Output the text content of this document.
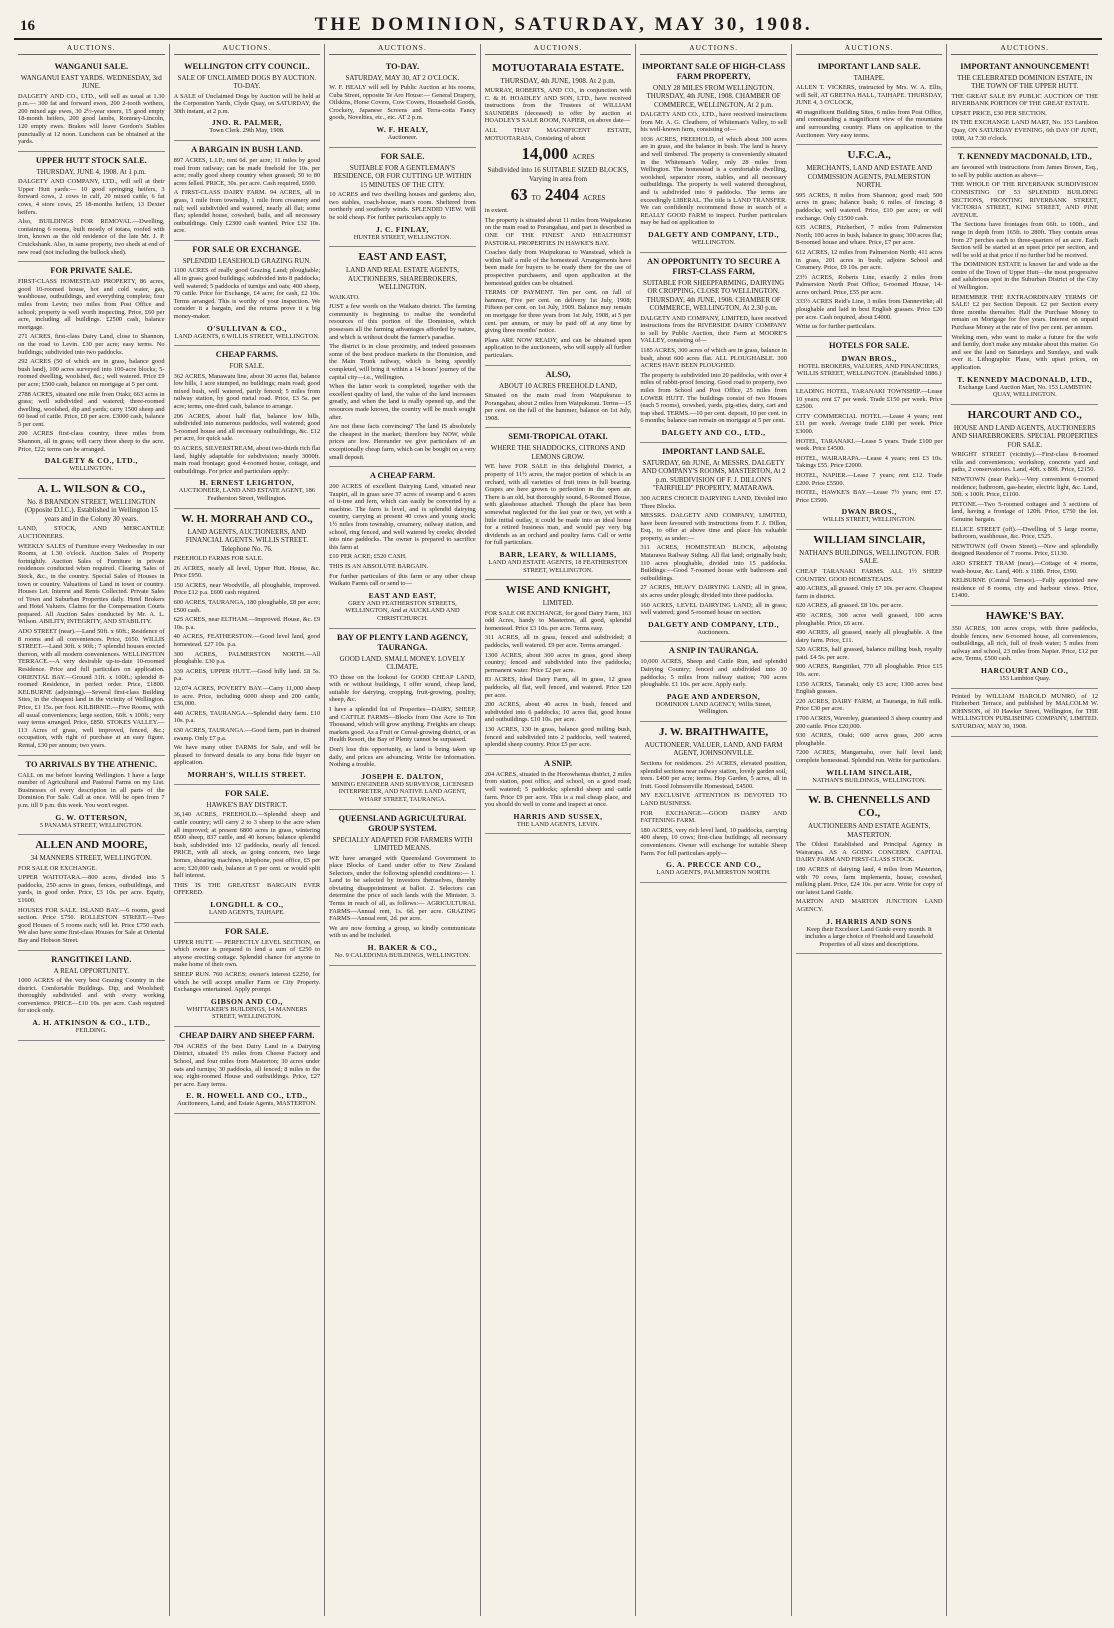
16	THE DOMINION, SATURDAY, MAY 30, 1908.

AUCTIONS.
WANGANUI SALE.
WANGANUI EAST YARDS. WEDNESDAY, 3rd JUNE.
DALGETY AND CO., LTD., will sell as usual at 1.30 p.m.— 300 fat and forward ewes, 200 2-tooth wethers, 200 mixed age ewes, 30 2½-year steers, 15 good empty 18-month heifers, 200 good lambs, Romney-Lincoln, 120 empty ewes. Brakes will leave Gordon's Stables punctually at 12 noon. Luncheon can be obtained at the yards.
UPPER HUTT STOCK SALE.
THURSDAY, JUNE 4, 1908. At 1 p.m.
DALGETY AND COMPANY, LTD., will sell at their Upper Hutt yards:— 10 good springing heifers, 3 forward cows, 2 cows in calf, 20 mixed cattle, 6 fat cows, 4 store cows, 25 18-months heifers, 13 Dexter heifers.
Also, BUILDINGS FOR REMOVAL.—Dwelling, containing 6 rooms, built mostly of totara, roofed with iron, known as the old residence of the late Mr. J. P. Cruickshank. Also, in same property, two sheds at end of new road (not including the bullock shed).
FOR PRIVATE SALE.
FIRST-CLASS HOMESTEAD PROPERTY, 86 acres, good 10-roomed house, hot and cold water, gas, washhouse, outbuildings, and everything complete; four miles from Levin; two miles from Post Office and school; property is well worth inspecting. Price, £60 per acre, including all buildings. £2500 cash, balance mortgage.
271 ACRES, first-class Dairy Land, close to Shannon, on the road to Levin. £30 per acre; easy terms. No buildings; subdivided into two paddocks.
292 ACRES (50 of which are in grass, balance good bush land), 100 acres surveyed into 100-acre blocks; 5-roomed dwelling, woolshed, &c.; well watered. Price £9 per acre; £500 cash, balance on mortgage at 5 per cent.
2788 ACRES, situated one mile from Otaki; 663 acres in grass; well subdivided and watered; three-roomed dwelling, woolshed, dip and yards; carry 1500 sheep and 60 head of cattle. Price, £8 per acre. £3000 cash, balance 5 per cent.
200 ACRES first-class country, three miles from Shannon, all in grass; will carry three sheep to the acre. Price, £22; terms can be arranged.
DALGETY & CO., LTD.,
WELLINGTON.
A. L. WILSON & CO.,
No. 8 BRANDON STREET, WELLINGTON (Opposite D.I.C.). Established in Wellington 15 years and in the Colony 30 years.
LAND, STOCK, AND MERCANTILE AUCTIONEERS.
WEEKLY SALES of Furniture every Wednesday in our Rooms, at 1.30 o'clock. Auction Sales of Property fortnightly. Auction Sales of Furniture in private residences conducted when required. Clearing Sales of Stock, &c., in the country. Special Sales of Houses in town or country. Valuations of Land in town or country. Houses Let. Interest and Rents Collected. Private Sales of Town and Suburban Properties daily. Hotel Brokers and Hotel Valuers. Claims for the Compensation Courts prepared. All Auction Sales conducted by Mr. A. L. Wilson. ABILITY, INTEGRITY, AND STABILITY.
ADO STREET (near).—Land 50ft. x 60ft.; Residence of 8 rooms and all conveniences. Price, £650. WILLIS STREET.—Land 30ft. x 90ft.; 7 splendid houses erected thereon, with all modern conveniences. WELLINGTON TERRACE.—A very desirable up-to-date 10-roomed Residence. Price and full particulars on application. ORIENTAL BAY.—Ground 31ft. x 100ft.; splendid 8-roomed Residence, in perfect order. Price, £1800. KELBURNE (adjoining).—Several first-class Building Sites, in the cheapest land in the vicinity of Wellington. Price, £1 15s. per foot. KILBIRNIE.—Five Rooms, with all usual conveniences; large section, 66ft. x 100ft.; very easy terms arranged. Price, £850. STOKES VALLEY.—113 Acres of grass, well improved, fenced, &c.; occupation, with right of purchase at an easy figure. Rental, £30 per annum; two years.
TO ARRIVALS BY THE ATHENIC.
CALL on me before leaving Wellington. I have a large number of Agricultural and Pastoral Farms on my List. Businesses of every description in all parts of the Dominion For Sale. Call at once. Will be open from 7 p.m. till 9 p.m. this week. You won't regret.
G. W. OTTERSON,
5 PANAMA STREET, WELLINGTON.
ALLEN AND MOORE,
34 MANNERS STREET, WELLINGTON.
FOR SALE OR EXCHANGE.
UPPER WAITOTARA.—800 acres, divided into 5 paddocks, 250 acres in grass, fences, outbuildings, and yards, in good order. Price, £3 10s. per acre. Equity, £1600.
HOUSES FOR SALE. ISLAND BAY.—6 rooms, good section. Price £750. ROLLESTON STREET.—Two good Houses of 5 rooms each; will let. Price £750 each. We also have some first-class Houses for Sale at Oriental Bay and Hobson Street.
RANGITIKEI LAND.
A REAL OPPORTUNITY.
1000 ACRES of the very best Grazing Country in the district. Comfortable Buildings. Dip, and Woolshed; thoroughly subdivided and with every working convenience. PRICE—£10 10s. per acre. Cash required for stock only.
A. H. ATKINSON & CO., LTD.,
FEILDING.
AUCTIONS.
WELLINGTON CITY COUNCIL.
SALE OF UNCLAIMED DOGS BY AUCTION. TO-DAY.
A SALE of Unclaimed Dogs by Auction will be held at the Corporation Yards, Clyde Quay, on SATURDAY, the 30th instant, at 2 p.m.
JNO. R. PALMER,
Town Clerk. 29th May, 1908.
A BARGAIN IN BUSH LAND.
897 ACRES, L.I.P.; rent 6d. per acre; 11 miles by good road from railway; can be made freehold for 10s. per acre; really good sheep country when grassed; 50 to 80 acres felled. PRICE, 30s. per acre. Cash required, £600.
A FIRST-CLASS DAIRY FARM. 94 ACRES, all in grass, 1 mile from township, 1 mile from creamery and rail; well subdivided and watered, nearly all flat; some flax; splendid house, cowshed, bails, and all necessary outbuildings. Only £2300 cash wanted. Price £32 10s. acre.
FOR SALE OR EXCHANGE.
SPLENDID LEASEHOLD GRAZING RUN.
1100 ACRES of really good Grazing Land; ploughable; all in grass; good buildings; subdivided into 8 paddocks; well watered; 5 paddocks of turnips and oats; 400 sheep, 70 cattle. Price for Exchange, £4 acre; for cash, £2 10s. Terms arranged. This is worthy of your inspection. We consider it a bargain, and the returns prove it a big money-maker.
O'SULLIVAN & CO.,
LAND AGENTS, 6 WILLIS STREET, WELLINGTON.
CHEAP FARMS.
FOR SALE.
362 ACRES, Manawatu line, about 30 acres flat, balance low hills, 1 acre stumped, no buildings; main road; good mixed bush, well watered, partly fenced; 5 miles from railway station, by good metal road. Price, £3 5s. per acre; terms, one-third cash, balance to arrange.
206 ACRES, about half flat, balance low hills, subdivided into numerous paddocks, well watered; good 5-roomed house and all necessary outbuildings, &c. £12 per acre, for quick sale.
93 ACRES, SILVERSTREAM, about two-thirds rich flat land, highly adaptable for subdivision; nearly 3000ft. main road frontage; good 4-roomed house, cottage, and outbuildings. For price and particulars apply:
H. ERNEST LEIGHTON,
AUCTIONEER, LAND AND ESTATE AGENT, 186 Featherston Street, Wellington.
W. H. MORRAH AND CO.,
LAND AGENTS, AUCTIONEERS, AND FINANCIAL AGENTS. WILLIS STREET. Telephone No. 76.
FREEHOLD FARMS FOR SALE.
26 ACRES, nearly all level, Upper Hutt. House, &c. Price £950.
150 ACRES, near Woodville, all ploughable, improved. Price £12 p.a. £600 cash required.
600 ACRES, TAURANGA, 180 ploughable, £8 per acre; £500 cash.
625 ACRES, near ELTHAM.—Improved. House, &c. £9 10s. p.a.
40 ACRES, FEATHERSTON.—Good level land, good homestead. £27 10s. p.a.
300 ACRES, PALMERSTON NORTH.—All ploughable. £30 p.a.
339 ACRES, UPPER HUTT.—Good hilly land. £8 5s. p.a.
12,074 ACRES, POVERTY BAY.—Carry 11,000 sheep to acre. Price, including 6000 sheep and 200 cattle, £36,000.
440 ACRES, TAURANGA.—Splendid dairy farm. £10 10s. p.a.
630 ACRES, TAURANGA.—Good farm, part in drained swamp. Only £7 p.a.
We have many other FARMS for Sale, and will be pleased to forward details to any bona fide buyer on application.
MORRAH'S, WILLIS STREET.
FOR SALE.
HAWKE'S BAY DISTRICT.
36,140 ACRES, FREEHOLD.—Splendid sheep and cattle country; will carry 2 to 3 sheep to the acre when all improved; at present 6800 acres in grass, wintering 8500 sheep, 837 cattle, and 40 horses; balance splendid bush, subdivided into 12 paddocks, nearly all fenced. PRICE, with all stock, as going concern, two large homes, shearing machines, telephone, post office, £5 per acre; £20,000 cash, balance at 5 per cent. or would split half interest.
THIS IS THE GREATEST BARGAIN EVER OFFERED.
LONGDILL & CO.,
LAND AGENTS, TAIHAPE.
FOR SALE.
UPPER HUTT. — PERFECTLY LEVEL SECTION, on which owner is prepared to lend a sum of £250 to anyone erecting cottage. Splendid chance for anyone to make home of their own.
SHEEP RUN. 760 ACRES; owner's interest £2250, for which he will accept smaller Farm or City Property. Exchanges entertained. Apply prompt.
GIBSON AND CO.,
WHITTAKER'S BUILDINGS, 14 MANNERS STREET, WELLINGTON.
CHEAP DAIRY AND SHEEP FARM.
704 ACRES of the best Dairy Land in a Dairying District, situated 1½ miles from Cheese Factory and School, and four miles from Masterton; 30 acres under oats and turnips; 30 paddocks, all fenced; 8 miles to the sea; eight-roomed House and outbuildings. Price, £27 per acre. Easy terms.
E. R. HOWELL AND CO., LTD.,
Auctioneers, Land, and Estate Agents, MASTERTON.
AUCTIONS.
TO-DAY.
SATURDAY, MAY 30, AT 2 O'CLOCK.
W. F. HEALY will sell by Public Auction at his rooms, Cuba Street, opposite Te Aro House:— General Drapery, Oilskins, Horse Covers, Cow Covers, Household Goods, Crockery, Japanese Screens and Terra-cotta Fancy goods, Novelties, etc., etc. AT 2 p.m.
W. F. HEALY,
Auctioneer.
FOR SALE.
SUITABLE FOR A GENTLEMAN'S RESIDENCE, OR FOR CUTTING UP. WITHIN 15 MINUTES OF THE CITY.
10 ACRES and two dwelling houses and gardens; also, two stables, coach-house, man's room. Sheltered from northerly and southerly winds. SPLENDID VIEW. Will be sold cheap. For further particulars apply to
J. C. FINLAY,
HUNTER STREET, WELLINGTON.
EAST AND EAST,
LAND AND REAL ESTATE AGENTS, AUCTIONEERS, SHAREBROKERS, WELLINGTON.
WAIKATO.
JUST a few words on the Waikato district. The farming community is beginning to realise the wonderful resources of this portion of the Dominion, which possesses all the farming advantages afforded by nature, and which is without doubt the farmer's paradise.
The district is in close proximity, and indeed possesses some of the best produce markets in the Dominion, and the Main Trunk railway, which is being speedily completed, will bring it within a 14 hours' journey of the capital city—i.e., Wellington.
When the latter work is completed, together with the excellent quality of land, the value of the land increases greatly, and when the land is really opened up, and the resources made known, the country will be much sought after.
Are not these facts convincing? The land IS absolutely the cheapest in the market; therefore buy NOW, while prices are low. Hereunder we give particulars of an exceptionally cheap farm, which can be bought on a very small deposit.
A CHEAP FARM.
200 ACRES of excellent Dairying Land, situated near Taupiri, all in grass save 37 acres of swamp and 6 acres of ti-tree and fern, which can easily be converted by a machine. The farm is level, and is splendid dairying country, carrying at present 40 cows and young stock; 1½ miles from township, creamery, railway station, and school, ring fenced, and well watered by creeks; divided into nine paddocks. The owner is prepared to sacrifice this farm at
£10 PER ACRE; £520 CASH.
THIS IS AN ABSOLUTE BARGAIN.
For further particulars of this farm or any other cheap Waikato Farms call or send to—
EAST AND EAST,
GREY AND FEATHERSTON STREETS, WELLINGTON, And at AUCKLAND AND CHRISTCHURCH.
BAY OF PLENTY LAND AGENCY, TAURANGA.
GOOD LAND. SMALL MONEY. LOVELY CLIMATE.
TO those on the lookout for GOOD CHEAP LAND, with or without buildings, I offer sound, cheap land, suitable for dairying, cropping, fruit-growing, poultry, sheep, &c.
I have a splendid list of Properties—DAIRY, SHEEP, and CATTLE FARMS—Blocks from One Acre to Ten Thousand, which will grow anything. Freights are cheap; markets good. As a Fruit or Cereal-growing district, or as Health Resort, the Bay of Plenty cannot be surpassed.
Don't lose this opportunity, as land is being taken up daily, and prices are advancing. Write for information. Nothing a trouble.
JOSEPH E. DALTON,
MINING ENGINEER AND SURVEYOR, LICENSED INTERPRETER, AND NATIVE LAND AGENT, WHARF STREET, TAURANGA.
QUEENSLAND AGRICULTURAL GROUP SYSTEM.
SPECIALLY ADAPTED FOR FARMERS WITH LIMITED MEANS.
WE have arranged with Queensland Government to place Blocks of Land under offer to New Zealand Selectors, under the following splendid conditions:— 1. Land to be selected by investors themselves, thereby obviating disappointment at ballot. 2. Selectors can determine the price of such lands with the Minister. 3. Terms in reach of all, as follows:— AGRICULTURAL FARMS—Annual rent, 1s. 6d. per acre. GRAZING FARMS—Annual rent, 2d. per acre.
We are now forming a group, so kindly communicate with us and be included.
H. BAKER & CO.,
No. 9 CALEDONIA BUILDINGS, WELLINGTON.
AUCTIONS.
MOTUOTARAIA ESTATE.
THURSDAY, 4th JUNE, 1908. At 2 p.m.
MURRAY, ROBERTS, AND CO., in conjunction with C. & H. HOADLEY AND SON, LTD., have received instructions from the Trustees of WILLIAM SAUNDERS (deceased) to offer by auction at HOADLEY'S SALE ROOM, NAPIER, on above date—
ALL THAT MAGNIFICENT ESTATE, MOTUOTARAIA, Consisting of about
14,000 ACRES
Subdivided into 16 SUITABLE SIZED BLOCKS, Varying in area from
63 TO 2404 ACRES
in extent.
The property is situated about 11 miles from Waipukurau on the main road to Porangahau, and part is described as ONE OF THE FINEST AND HEALTHIEST PASTORAL PROPERTIES IN HAWKE'S BAY.
Coaches daily from Waipukurau to Wanstead, which is within half a mile of the homestead. Arrangements have been made for buyers to be ready there for the use of prospective purchasers, and upon application at the homestead guides can be obtained.
TERMS OF PAYMENT. Ten per cent. on fall of hammer, Five per cent. on delivery 1st July, 1908; Fifteen per cent. on 1st July, 1909. Balance may remain on mortgage for three years from 1st July, 1908, at 5 per cent. per annum, or may be paid off at any time by giving three months' notice.
Plans ARE NOW READY, and can be obtained upon application to the auctioneers, who will supply all further particulars.
ALSO,
ABOUT 10 ACRES FREEHOLD LAND,
Situated on the main road from Waipukurau to Porangahau, about 2 miles from Waipukurau. Terms—15 per cent. on the fall of the hammer, balance on 1st July, 1908.
SEMI-TROPICAL OTAKI.
WHERE THE SHADDOCKS, CITRONS AND LEMONS GROW.
WE have FOR SALE in this delightful District, a property of 11½ acres, the major portion of which is an orchard, with all varieties of fruit trees in full bearing. Grapes are here grown to perfection in the open air. There is an old, but thoroughly sound, 6-Roomed House, with glasshouse attached. Though the place has been somewhat neglected for the last year or two, yet with a little initial outlay, it could be made into an ideal home for a retired business man, and would pay very big dividends as an orchard and poultry farm. Call or write for full particulars.
BARR, LEARY, & WILLIAMS,
LAND AND ESTATE AGENTS, 18 FEATHERSTON STREET, WELLINGTON.
WISE AND KNIGHT,
LIMITED.
FOR SALE OR EXCHANGE, for good Dairy Farm, 163 odd Acres, handy to Masterton, all good, splendid homestead. Price £3 10s. per acre. Terms easy.
311 ACRES, all in grass, fenced and subdivided; 8 paddocks, well watered. £9 per acre. Terms arranged.
1300 ACRES, about 300 acres in grass, good sheep country; fenced and subdivided into five paddocks; permanent water. Price £2 per acre.
83 ACRES, Ideal Dairy Farm, all in grass, 12 grass paddocks, all flat, well fenced, and watered. Price £20 per acre.
200 ACRES, about 40 acres in bush, fenced and subdivided into 6 paddocks; 10 acres flat, good house and outbuildings. £10 10s. per acre.
130 ACRES, 130 in grass, balance good milling bush, fenced and subdivided into 2 paddocks, well watered, splendid sheep country. Price £5 per acre.
A SNIP.
204 ACRES, situated in the Horowhenua district, 2 miles from station, post office, and school, on a good road; well watered; 5 paddocks; splendid sheep and cattle farm. Price £9 per acre. This is a real cheap place, and you should do well to come and inspect at once.
HARRIS AND SUSSEX,
THE LAND AGENTS, LEVIN.
AUCTIONS.
IMPORTANT SALE OF HIGH-CLASS FARM PROPERTY,
ONLY 28 MILES FROM WELLINGTON. THURSDAY, 4th JUNE, 1908. CHAMBER OF COMMERCE, WELLINGTON, At 2 p.m.
DALGETY AND CO., LTD., have received instructions from Mr. A. G. Cleathero, of Whiteman's Valley, to sell his well-known farm, consisting of—
1036 ACRES, FREEHOLD, of which about 300 acres are in grass, and the balance in bush. The land is heavy and well timbered. The property is conveniently situated in the Whiteman's Valley, only 28 miles from Wellington. The homestead is a comfortable dwelling, woolshed, separator room, stables, and all necessary outbuildings. The property is well watered throughout, and is subdivided into 9 paddocks. The terms are exceedingly LIBERAL. The title is LAND TRANSFER. We can confidently recommend those in search of a REALLY GOOD FARM to inspect. Further particulars may be had on application to
DALGETY AND COMPANY, LTD.,
WELLINGTON.
AN OPPORTUNITY TO SECURE A FIRST-CLASS FARM,
SUITABLE FOR SHEEPFARMING, DAIRYING OR CROPPING, CLOSE TO WELLINGTON. THURSDAY, 4th JUNE, 1908. CHAMBER OF COMMERCE, WELLINGTON, At 2.30 p.m.
DALGETY AND COMPANY, LIMITED, have received instructions from the RIVERSIDE DAIRY COMPANY to sell by Public Auction, their Farm at MOORE'S VALLEY, consisting of—
1185 ACRES, 300 acres of which are in grass, balance in bush, about 600 acres flat. ALL PLOUGHABLE. 300 ACRES HAVE BEEN PLOUGHED.
The property is subdivided into 20 paddocks, with over 4 miles of rabbit-proof fencing. Good road to property, two miles from School and Post Office, 25 miles from LOWER HUTT. The buildings consist of two Houses (each 5 rooms), cowshed, yards, pig-sties, dairy, cart and trap shed. TERMS.—10 per cent. deposit, 10 per cent. in 6 months; balance can remain on mortgage at 5 per cent.
DALGETY AND CO., LTD.,
IMPORTANT LAND SALE.
SATURDAY, 6th JUNE, At MESSRS. DALGETY AND COMPANY'S ROOMS, MASTERTON, At 2 p.m. SUBDIVISION OF F. J. DILLON'S "FAIRFIELD" PROPERTY, MATARAWA.
300 ACRES CHOICE DAIRYING LAND, Divided into Three Blocks.
MESSRS. DALGETY AND COMPANY, LIMITED, have been favoured with instructions from F. J. Dillon, Esq., to offer at above time and place his valuable property, as under:—
311 ACRES, HOMESTEAD BLOCK, adjoining Matarawa Railway Siding. All flat land; originally bush; 110 acres ploughable, divided into 15 paddocks. Buildings:—Good 7-roomed house with bathroom and outbuildings.
27 ACRES, HEAVY DAIRYING LAND; all in grass, six acres under plough; divided into three paddocks.
160 ACRES, LEVEL DAIRYING LAND; all in grass; well watered; good 5-roomed house on section.
DALGETY AND COMPANY, LTD.,
Auctioneers.
A SNIP IN TAURANGA.
10,000 ACRES, Sheep and Cattle Run, and splendid Dairying Country; fenced and subdivided into 10 paddocks; 5 miles from railway station; 700 acres ploughable. £1 10s. per acre. Apply early.
PAGE AND ANDERSON,
DOMINION LAND AGENCY, Willis Street, Wellington.
J. W. BRAITHWAITE,
AUCTIONEER, VALUER, LAND, AND FARM AGENT, JOHNSONVILLE.
Sections for residences. 2½ ACRES, elevated position, splendid sections near railway station, lovely garden soil, trees. £400 per acre; terms. Hop Garden, 5 acres, all in fruit. Good Johnsonville Homestead, £4500.
MY EXCLUSIVE ATTENTION IS DEVOTED TO LAND BUSINESS.
FOR EXCHANGE.—GOOD DAIRY AND FATTENING FARM.
180 ACRES, very rich level land, 10 paddocks, carrying 400 sheep, 10 cows; first-class buildings; all necessary conveniences. Owner will exchange for suitable Sheep Farm. For full particulars apply—
G. A. PRECCE AND CO.,
LAND AGENTS, PALMERSTON NORTH.
AUCTIONS.
IMPORTANT LAND SALE.
TAIHAPE.
ALLEN T. VICKERS, instructed by Mrs. W. A. Ellis, will Sell, AT GRETNA HALL, TAIHAPE. THURSDAY, JUNE 4, 3 O'CLOCK,
40 magnificent Building Sites, 6 miles from Post Office, and commanding a magnificent view of the mountains and surrounding country. Plans on application to the Auctioneer. Very easy terms.
U.F.C.A.,
MERCHANTS, LAND AND ESTATE AND COMMISSION AGENTS, PALMERSTON NORTH.
995 ACRES, 8 miles from Shannon; good road; 500 acres in grass; balance bush; 6 miles of fencing; 8 paddocks; well watered. Price, £10 per acre; or will exchange. Only £1500 cash.
635 ACRES, Pitzherbert, 7 miles from Palmerston North; 100 acres in bush, balance in grass; 300 acres flat; 8-roomed house and whare. Price, £7 per acre.
612 ACRES, 12 miles from Palmerston North; 411 acres in grass, 201 acres in bush; adjoins School and Creamery. Price, £9 10s. per acre.
23½ ACRES, Roberts Line, exactly 2 miles from Palmerston North Post Office; 6-roomed House, 14-acres orchard. Price, £55 per acre.
333½ ACRES Reid's Line, 3 miles from Dannevirke; all ploughable and laid in best English grasses. Price £20 per acre. Cash required, about £4000.
Write us for further particulars.
HOTELS FOR SALE.
DWAN BROS.,
HOTEL BROKERS, VALUERS, AND FINANCIERS, WILLIS STREET, WELLINGTON. (Established 1886.)
LEADING HOTEL, TARANAKI TOWNSHIP.—Lease 10 years; rent £7 per week. Trade £150 per week. Price £2500.
CITY COMMERCIAL HOTEL.—Lease 4 years; rent £11 per week. Average trade £180 per week. Price £3000.
HOTEL, TARANAKI.—Lease 5 years. Trade £100 per week. Price £4500.
HOTEL, WAIRARAPA.—Lease 4 years; rent £3 10s. Takings £55. Price £2000.
HOTEL, NAPIER.—Lease 7 years; rent £12. Trade £200. Price £5500.
HOTEL, HAWKE'S BAY.—Lease 7½ years; rent £7. Price £3500.
DWAN BROS.,
WILLIS STREET, WELLINGTON.
WILLIAM SINCLAIR,
NATHAN'S BUILDINGS, WELLINGTON. FOR SALE.
CHEAP TARANAKI FARMS. ALL 1½ SHEEP COUNTRY. GOOD HOMESTEADS.
400 ACRES, all grassed. Only £7 10s. per acre. Cheapest farm in district.
620 ACRES, all grassed. £8 10s. per acre.
450 ACRES, 300 acres well grassed, 100 acres ploughable. Price, £6 acre.
490 ACRES, all grassed, nearly all ploughable. A fine dairy farm. Price, £11.
520 ACRES, half grassed, balance milling bush, royalty paid. £4 5s. per acre.
900 ACRES, Rangitikei, 770 all ploughable. Price £15 10s. acre.
1350 ACRES, Taranaki, only £3 acre; 1300 acres best English grasses.
220 ACRES, DAIRY FARM, at Tauranga, in full milk. Price £30 per acre.
1700 ACRES, Waverley, guaranteed 3 sheep country and 200 cattle. Price £20,000.
930 ACRES, Otaki; 600 acres grass, 200 acres ploughable.
7200 ACRES, Mangamahu, over half level land; complete homestead. Splendid run. Write for particulars.
WILLIAM SINCLAIR,
NATHAN'S BUILDINGS, WELLINGTON.
W. B. CHENNELLS AND CO.,
AUCTIONEERS AND ESTATE AGENTS, MASTERTON.
The Oldest Established and Principal Agency in Wairarapa. AS A GOING CONCERN. CAPITAL DAIRY FARM AND FIRST-CLASS STOCK.
180 ACRES of dairying land, 4 miles from Masterton, with 70 cows, farm implements, house, cowshed, milking plant. Price, £24 10s. per acre. Write for copy of our latest Land Guide.
MARTON AND MARTON JUNCTION LAND AGENCY.
J. HARRIS AND SONS
Keep their Excelsior Land Guide every month. It includes a large choice of Freehold and Leasehold Properties of all sizes and descriptions.
AUCTIONS.
IMPORTANT ANNOUNCEMENT!
THE CELEBRATED DOMINION ESTATE, IN THE TOWN OF THE UPPER HUTT.
THE GREAT SALE BY PUBLIC AUCTION OF THE RIVERBANK PORTION OF THE GREAT ESTATE.
UPSET PRICE, £30 PER SECTION.
IN THE EXCHANGE LAND MART, No. 153 Lambton Quay, ON SATURDAY EVENING, 6th DAY OF JUNE, 1908, At 7.30 o'clock.
T. KENNEDY MACDONALD, LTD.,
are favoured with instructions from James Brown, Esq., to sell by public auction as above—
THE WHOLE OF THE RIVERBANK SUBDIVISION CONSISTING OF 53 SPLENDID BUILDING SECTIONS, FRONTING RIVERBANK STREET, VICTORIA STREET, KING STREET, AND PINE AVENUE.
The Sections have frontages from 66ft. to 100ft., and range in depth from 165ft. to 280ft. They contain areas from 27 perches each to three-quarters of an acre. Each Section will be started at an upset price per section, and will be sold at that price if no further bid be received.
The DOMINION ESTATE is known far and wide as the centre of the Town of Upper Hutt—the most progressive and salubrious spot in the Suburban District of the City of Wellington.
REMEMBER THE EXTRAORDINARY TERMS OF SALE! £2 per Section Deposit. £2 per Section every three months thereafter. Half the Purchase Money to remain on Mortgage for five years. Interest on unpaid Purchase Money at the rate of five per cent. per annum.
Working men, who want to make a future for the wife and family, don't make any mistake about this matter. Go and see the land on Saturdays and Sundays, and walk over it. Lithographic Plans, with upset prices, on application.
T. KENNEDY MACDONALD, LTD.,
Exchange Land Auction Mart, No. 153 LAMBTON QUAY, WELLINGTON.
HARCOURT AND CO.,
HOUSE AND LAND AGENTS, AUCTIONEERS AND SHAREBROKERS. SPECIAL PROPERTIES FOR SALE.
WRIGHT STREET (vicinity).—First-class 8-roomed villa and conveniences; workshop, concrete yard and paths, 2 conservatories. Land, 40ft. x 80ft. Price, £2150.
NEWTOWN (near Park).—Very convenient 6-roomed residence; bathroom, gas-heater, electric light, &c. Land, 30ft. x 100ft. Price, £1100.
PETONE.—Two 5-roomed cottages and 3 sections of land, having a frontage of 120ft. Price, £750 the lot. Genuine bargain.
ELLICE STREET (off).—Dwelling of 5 large rooms, bathroom, washhouse, &c. Price, £525.
NEWTOWN (off Owen Street).—New and splendidly designed Residence of 7 rooms. Price, £1130.
ARO STREET TRAM (near).—Cottage of 4 rooms, wash-house, &c. Land, 40ft. x 118ft. Price, £390.
KELBURNE (Central Terrace).—Fully appointed new residence of 8 rooms, city and harbour views. Price, £1400.
HAWKE'S BAY.
350 ACRES, 100 acres crops, with three paddocks, double fences, new 6-roomed house, all conveniences, outbuildings, all rich, full of fresh water; 5 miles from railway and school, 23 miles from Napier. Price, £12 per acre. Terms, £500 cash.
HARCOURT AND CO.,
153 Lambton Quay.
Printed by WILLIAM HAROLD MUNRO, of 12 Fitzherbert Terrace, and published by MALCOLM W. JOHNSON, of 10 Hawker Street, Wellington, for THE WELLINGTON PUBLISHING COMPANY, LIMITED. SATURDAY, MAY 30, 1908.
